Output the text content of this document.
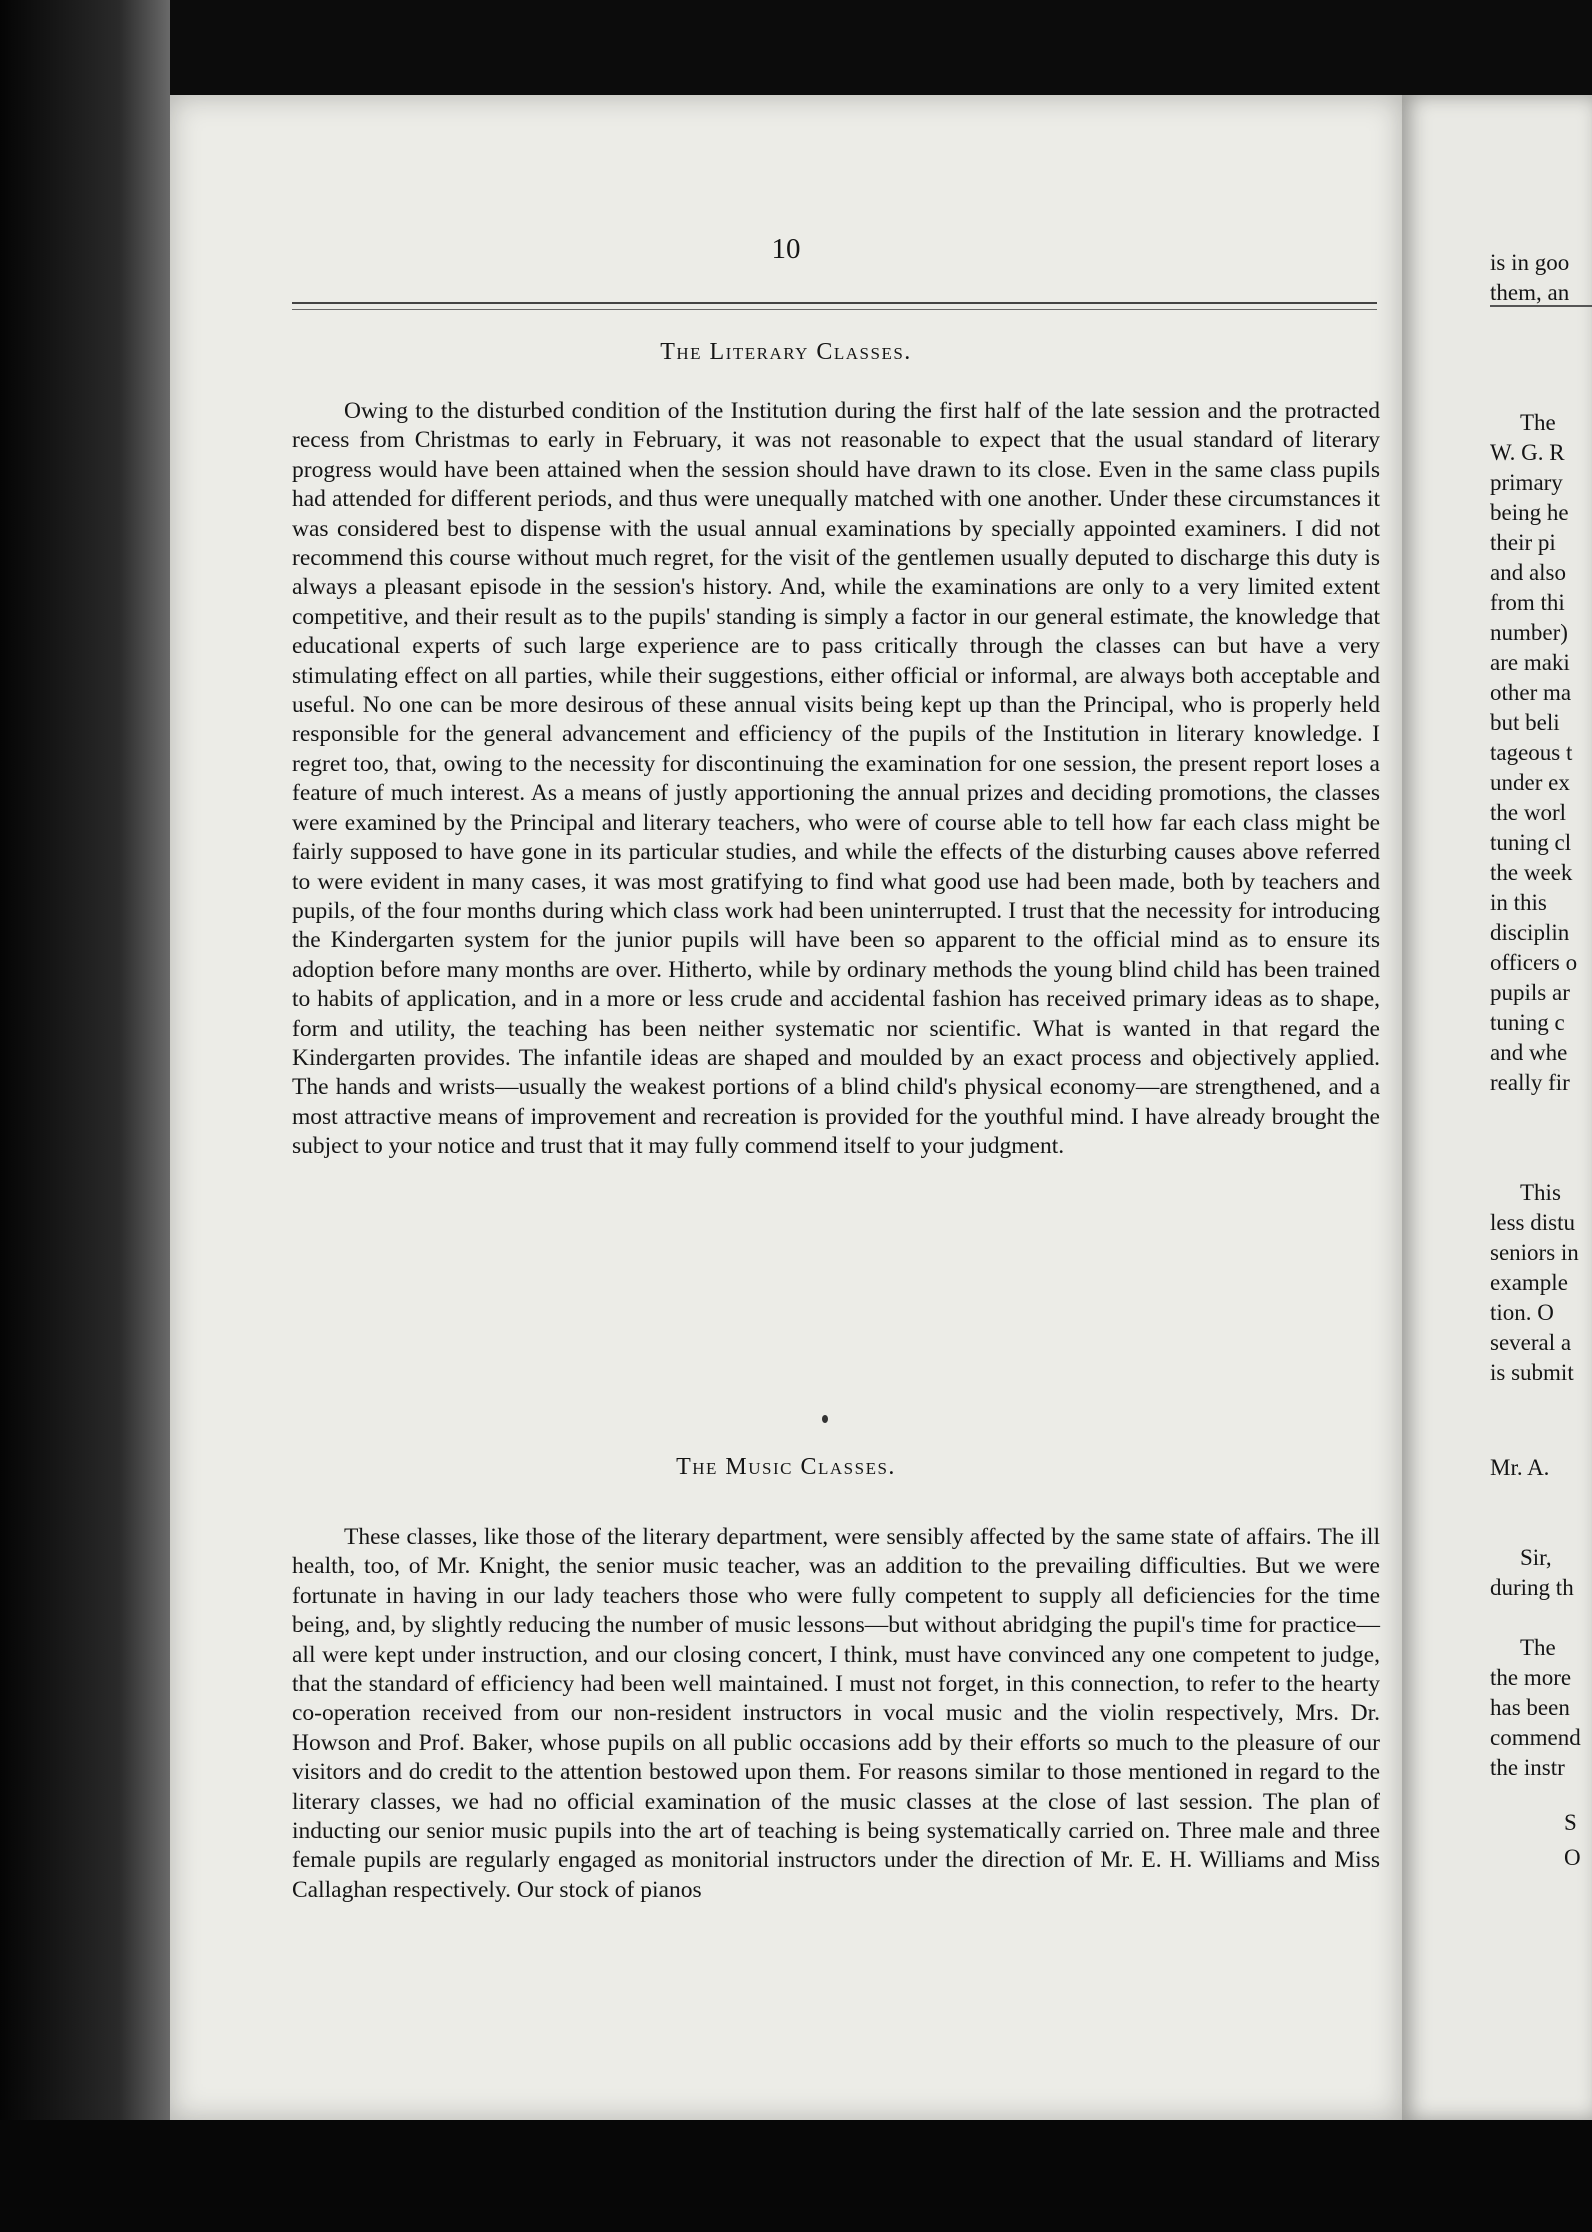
10
The Literary Classes.

Owing to the disturbed condition of the Institution during the first half of the late session and the protracted recess from Christmas to early in February, it was not reasonable to expect that the usual standard of literary progress would have been attained when the session should have drawn to its close. Even in the same class pupils had attended for different periods, and thus were unequally matched with one another. Under these circumstances it was considered best to dispense with the usual annual examinations by specially appointed examiners. I did not recommend this course without much regret, for the visit of the gentlemen usually deputed to discharge this duty is always a pleasant episode in the session's history. And, while the examinations are only to a very limited extent competitive, and their result as to the pupils' standing is simply a factor in our general estimate, the knowledge that educational experts of such large experience are to pass critically through the classes can but have a very stimulating effect on all parties, while their suggestions, either official or informal, are always both acceptable and useful. No one can be more desirous of these annual visits being kept up than the Principal, who is properly held responsible for the general advancement and efficiency of the pupils of the Institution in literary knowledge. I regret too, that, owing to the necessity for discontinuing the examination for one session, the present report loses a feature of much interest. As a means of justly apportioning the annual prizes and deciding promotions, the classes were examined by the Principal and literary teachers, who were of course able to tell how far each class might be fairly supposed to have gone in its particular studies, and while the effects of the disturbing causes above referred to were evident in many cases, it was most gratifying to find what good use had been made, both by teachers and pupils, of the four months during which class work had been uninterrupted. I trust that the necessity for introducing the Kindergarten system for the junior pupils will have been so apparent to the official mind as to ensure its adoption before many months are over. Hitherto, while by ordinary methods the young blind child has been trained to habits of application, and in a more or less crude and accidental fashion has received primary ideas as to shape, form and utility, the teaching has been neither systematic nor scientific. What is wanted in that regard the Kindergarten provides. The infantile ideas are shaped and moulded by an exact process and objectively applied. The hands and wrists—usually the weakest portions of a blind child's physical economy—are strengthened, and a most attractive means of improvement and recreation is provided for the youthful mind. I have already brought the subject to your notice and trust that it may fully commend itself to your judgment.

The Music Classes.

These classes, like those of the literary department, were sensibly affected by the same state of affairs. The ill health, too, of Mr. Knight, the senior music teacher, was an addition to the prevailing difficulties. But we were fortunate in having in our lady teachers those who were fully competent to supply all deficiencies for the time being, and, by slightly reducing the number of music lessons—but without abridging the pupil's time for practice—all were kept under instruction, and our closing concert, I think, must have convinced any one competent to judge, that the standard of efficiency had been well maintained. I must not forget, in this connection, to refer to the hearty co-operation received from our non-resident instructors in vocal music and the violin respectively, Mrs. Dr. Howson and Prof. Baker, whose pupils on all public occasions add by their efforts so much to the pleasure of our visitors and do credit to the attention bestowed upon them. For reasons similar to those mentioned in regard to the literary classes, we had no official examination of the music classes at the close of last session. The plan of inducting our senior music pupils into the art of teaching is being systematically carried on. Three male and three female pupils are regularly engaged as monitorial instructors under the direction of Mr. E. H. Williams and Miss Callaghan respectively. Our stock of pianos

is in goo
them, an
The
W. G. R
primary
being he
their pi
and also
from thi
number)
are maki
other ma
but beli
tageous t
under ex
the worl
tuning cl
the week
in this
disciplin
officers o
pupils ar
tuning c
and whe
really fir
This
less distu
seniors in
example
tion. O
several a
is submit
Mr. A.
Sir,
during th
The
the more
has been
commend
the instr
S
O
